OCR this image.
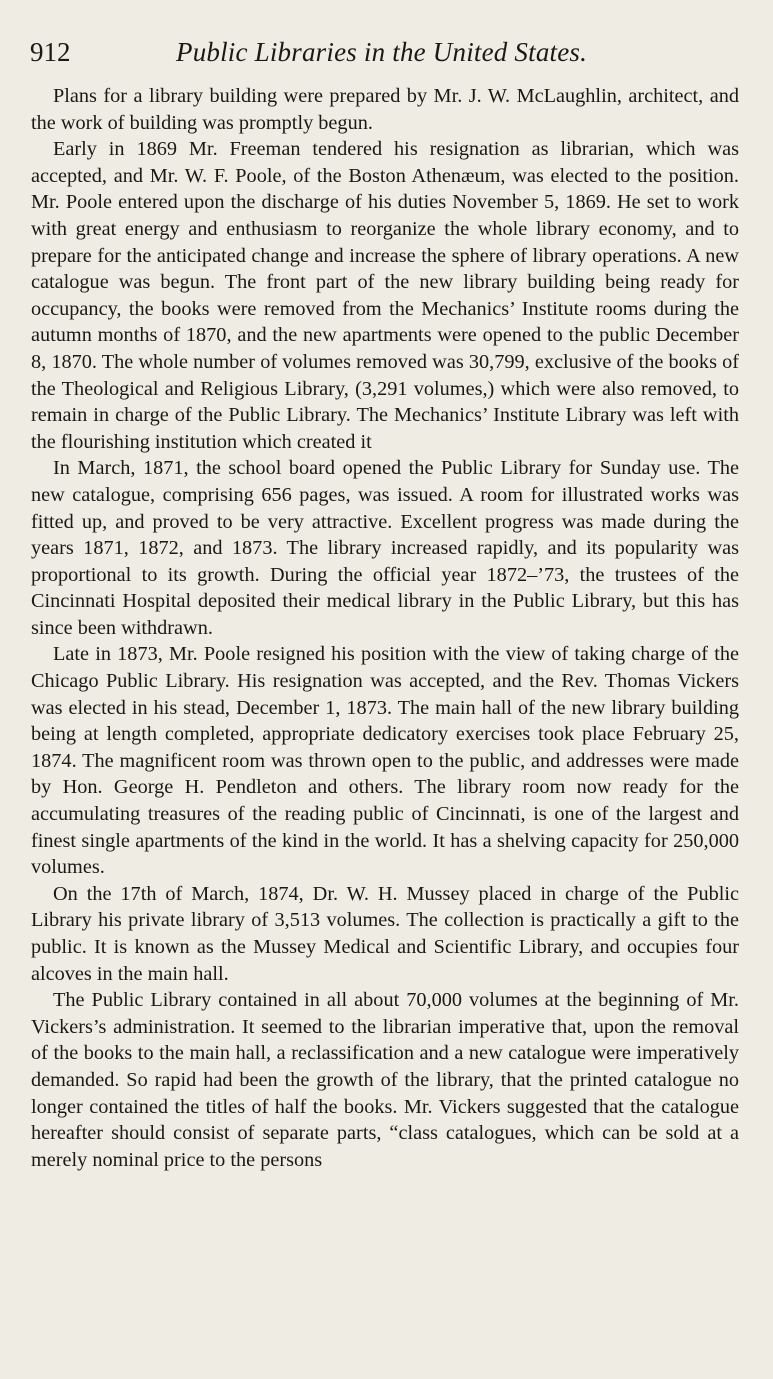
912	Public Libraries in the United States.

Plans for a library building were prepared by Mr. J. W. McLaughlin, architect, and the work of building was promptly begun.

Early in 1869 Mr. Freeman tendered his resignation as librarian, which was accepted, and Mr. W. F. Poole, of the Boston Athenæum, was elected to the position. Mr. Poole entered upon the discharge of his duties November 5, 1869. He set to work with great energy and enthusiasm to reorganize the whole library economy, and to prepare for the anticipated change and increase the sphere of library operations. A new catalogue was begun. The front part of the new library building being ready for occupancy, the books were removed from the Mechanics’ Institute rooms during the autumn months of 1870, and the new apartments were opened to the public December 8, 1870. The whole number of volumes removed was 30,799, exclusive of the books of the Theological and Religious Library, (3,291 volumes,) which were also removed, to remain in charge of the Public Library. The Mechanics’ Institute Library was left with the flourishing institution which created it

In March, 1871, the school board opened the Public Library for Sunday use. The new catalogue, comprising 656 pages, was issued. A room for illustrated works was fitted up, and proved to be very attractive. Excellent progress was made during the years 1871, 1872, and 1873. The library increased rapidly, and its popularity was proportional to its growth. During the official year 1872–’73, the trustees of the Cincinnati Hospital deposited their medical library in the Public Library, but this has since been withdrawn.

Late in 1873, Mr. Poole resigned his position with the view of taking charge of the Chicago Public Library. His resignation was accepted, and the Rev. Thomas Vickers was elected in his stead, December 1, 1873. The main hall of the new library building being at length completed, appropriate dedicatory exercises took place February 25, 1874. The magnificent room was thrown open to the public, and addresses were made by Hon. George H. Pendleton and others. The library room now ready for the accumulating treasures of the reading public of Cincinnati, is one of the largest and finest single apartments of the kind in the world. It has a shelving capacity for 250,000 volumes.

On the 17th of March, 1874, Dr. W. H. Mussey placed in charge of the Public Library his private library of 3,513 volumes. The collection is practically a gift to the public. It is known as the Mussey Medical and Scientific Library, and occupies four alcoves in the main hall.

The Public Library contained in all about 70,000 volumes at the beginning of Mr. Vickers’s administration. It seemed to the librarian imperative that, upon the removal of the books to the main hall, a reclassification and a new catalogue were imperatively demanded. So rapid had been the growth of the library, that the printed catalogue no longer contained the titles of half the books. Mr. Vickers suggested that the catalogue hereafter should consist of separate parts, “class catalogues, which can be sold at a merely nominal price to the persons
